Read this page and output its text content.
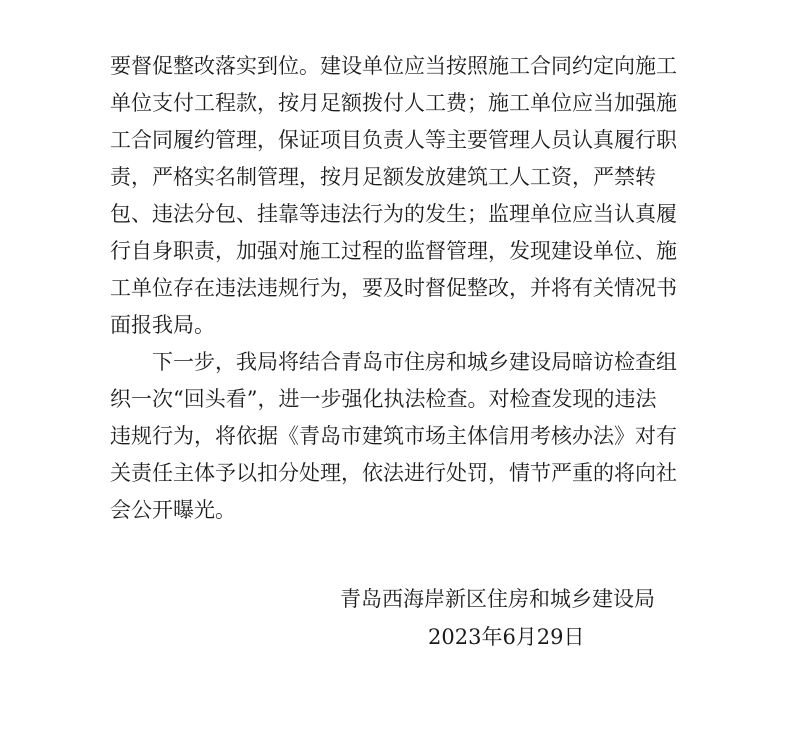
要督促整改落实到位。建设单位应当按照施工合同约定向施工
单位支付工程款，按月足额拨付人工费；施工单位应当加强施
工合同履约管理，保证项目负责人等主要管理人员认真履行职
责，严格实名制管理，按月足额发放建筑工人工资，严禁转
包、违法分包、挂靠等违法行为的发生；监理单位应当认真履
行自身职责，加强对施工过程的监督管理，发现建设单位、施
工单位存在违法违规行为，要及时督促整改，并将有关情况书
面报我局。
下一步，我局将结合青岛市住房和城乡建设局暗访检查组
织一次“回头看”，进一步强化执法检查。对检查发现的违法
违规行为，将依据《青岛市建筑市场主体信用考核办法》对有
关责任主体予以扣分处理，依法进行处罚，情节严重的将向社
会公开曝光。
青岛西海岸新区住房和城乡建设局
2023年6月29日
